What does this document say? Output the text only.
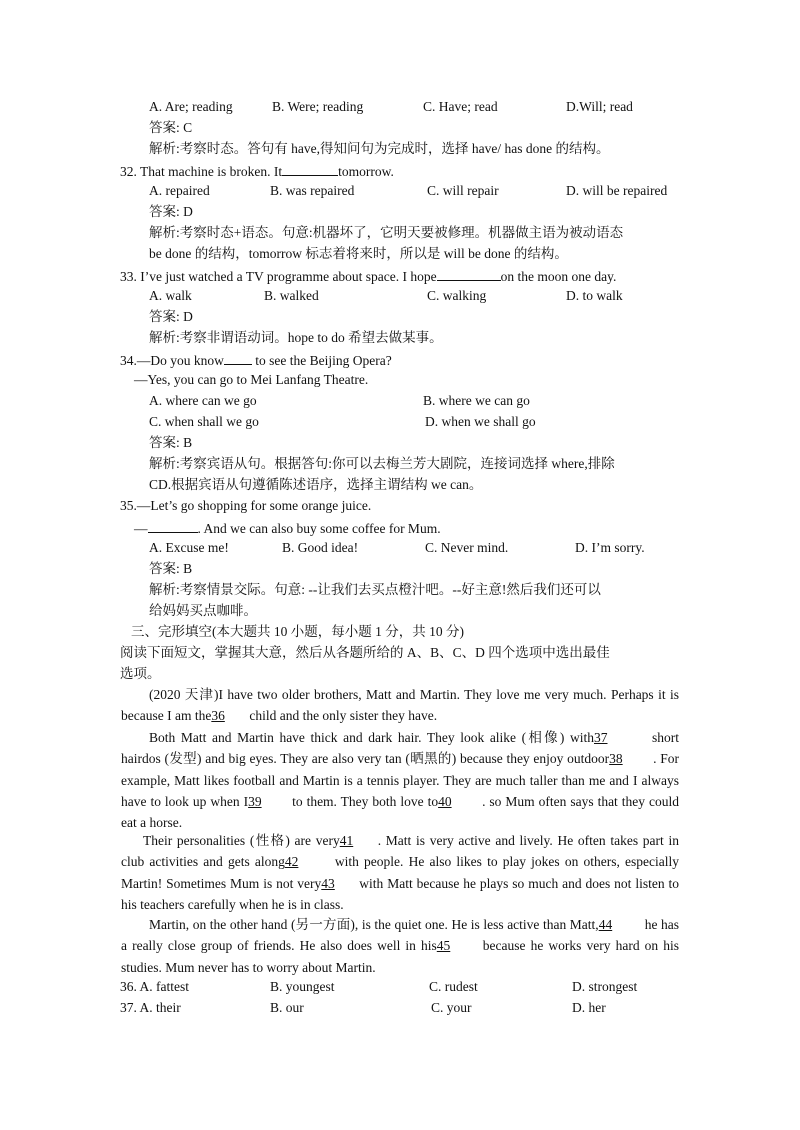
A. Are; reading	B. Were; reading	C. Have; read	D.Will; read
答案: C
解析:考察时态。答句有 have,得知问句为完成时，选择 have/ has done 的结构。
32. That machine is broken. It	tomorrow.
A. repaired	B. was repaired	C. will repair	D. will be repaired
答案: D
解析:考察时态+语态。句意:机器坏了，它明天要被修理。机器做主语为被动语态
be done 的结构，tomorrow 标志着将来时，所以是 will be done 的结构。
33. I’ve just watched a TV programme about space. I hope	on the moon one day.
A. walk	B. walked	C. walking	D. to walk
答案: D
解析:考察非谓语动词。hope to do 希望去做某事。
34.—Do you know to see the Beijing Opera?
—Yes, you can go to Mei Lanfang Theatre.
A. where can we go	B. where we can go
C. when shall we go	D. when we shall go
答案: B
解析:考察宾语从句。根据答句:你可以去梅兰芳大剧院，连接词选择 where,排除
CD.根据宾语从句遵循陈述语序，选择主谓结构 we can。
35.—Let’s go shopping for some orange juice.
—	. And we can also buy some coffee for Mum.
A. Excuse me!	B. Good idea!	C. Never mind.	D. I’m sorry.
答案: B
解析:考察情景交际。句意: --让我们去买点橙汁吧。--好主意!然后我们还可以
给妈妈买点咖啡。
三、完形填空(本大题共 10 小题，每小题 1 分，共 10 分)
阅读下面短文，掌握其大意，然后从各题所给的 A、B、C、D 四个选项中选出最佳
选项。
(2020 天津)I have two older brothers, Matt and Martin. They love me very much. Perhaps it is because I am the36 child and the only sister they have.
Both Matt and Martin have thick and dark hair. They look alike (相像) with37	short hairdos (发型) and big eyes. They are also very tan (晒黑的) because they enjoy outdoor38 . For example, Matt likes football and Martin is a tennis player. They are much taller than me and I always have to look up when I39 to them. They both love to40 . so Mum often says that they could eat a horse.
Their personalities (性格) are very41 . Matt is very active and lively. He often takes part in club activities and gets along42	with people. He also likes to play jokes on others, especially Martin! Sometimes Mum is not very43 with Matt because he plays so much and does not listen to his teachers carefully when he is in class.
Martin, on the other hand (另一方面), is the quiet one. He is less active than Matt,44 he has a really close group of friends. He also does well in his45 because he works very hard on his studies. Mum never has to worry about Martin.
36. A. fattest	B. youngest	C. rudest	D. strongest
37. A. their	B. our	C. your	D. her
